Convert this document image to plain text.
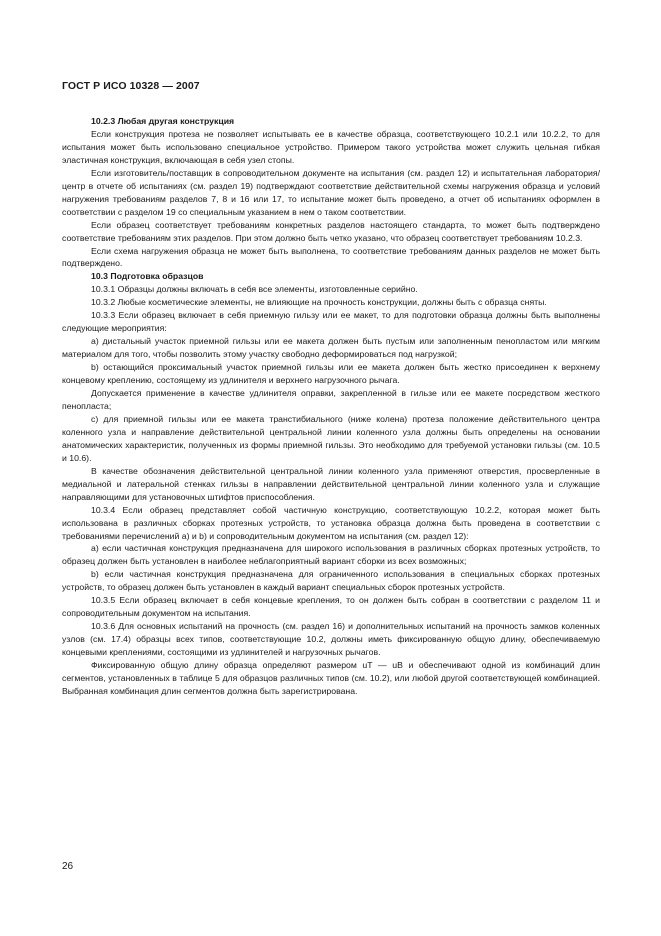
ГОСТ Р ИСО 10328 — 2007

10.2.3 Любая другая конструкция

Если конструкция протеза не позволяет испытывать ее в качестве образца, соответствующего 10.2.1 или 10.2.2, то для испытания может быть использовано специальное устройство. Примером такого устройства может служить цельная гибкая эластичная конструкция, включающая в себя узел стопы.

Если изготовитель/поставщик в сопроводительном документе на испытания (см. раздел 12) и испытательная лаборатория/центр в отчете об испытаниях (см. раздел 19) подтверждают соответствие действительной схемы нагружения образца и условий нагружения требованиям разделов 7, 8 и 16 или 17, то испытание может быть проведено, а отчет об испытаниях оформлен в соответствии с разделом 19 со специальным указанием в нем о таком соответствии.

Если образец соответствует требованиям конкретных разделов настоящего стандарта, то может быть подтверждено соответствие требованиям этих разделов. При этом должно быть четко указано, что образец соответствует требованиям 10.2.3.

Если схема нагружения образца не может быть выполнена, то соответствие требованиям данных разделов не может быть подтверждено.

10.3 Подготовка образцов

10.3.1 Образцы должны включать в себя все элементы, изготовленные серийно.

10.3.2 Любые косметические элементы, не влияющие на прочность конструкции, должны быть с образца сняты.

10.3.3 Если образец включает в себя приемную гильзу или ее макет, то для подготовки образца должны быть выполнены следующие мероприятия:

a) дистальный участок приемной гильзы или ее макета должен быть пустым или заполненным пенопластом или мягким материалом для того, чтобы позволить этому участку свободно деформироваться под нагрузкой;

b) остающийся проксимальный участок приемной гильзы или ее макета должен быть жестко присоединен к верхнему концевому креплению, состоящему из удлинителя и верхнего нагрузочного рычага.

Допускается применение в качестве удлинителя оправки, закрепленной в гильзе или ее макете посредством жесткого пенопласта;

c) для приемной гильзы или ее макета транстибиального (ниже колена) протеза положение действительного центра коленного узла и направление действительной центральной линии коленного узла должны быть определены на основании анатомических характеристик, полученных из формы приемной гильзы. Это необходимо для требуемой установки гильзы (см. 10.5 и 10.6).

В качестве обозначения действительной центральной линии коленного узла применяют отверстия, просверленные в медиальной и латеральной стенках гильзы в направлении действительной центральной линии коленного узла и служащие направляющими для установочных штифтов приспособления.

10.3.4 Если образец представляет собой частичную конструкцию, соответствующую 10.2.2, которая может быть использована в различных сборках протезных устройств, то установка образца должна быть проведена в соответствии с требованиями перечислений a) и b) и сопроводительным документом на испытания (см. раздел 12):

a) если частичная конструкция предназначена для широкого использования в различных сборках протезных устройств, то образец должен быть установлен в наиболее неблагоприятный вариант сборки из всех возможных;

b) если частичная конструкция предназначена для ограниченного использования в специальных сборках протезных устройств, то образец должен быть установлен в каждый вариант специальных сборок протезных устройств.

10.3.5 Если образец включает в себя концевые крепления, то он должен быть собран в соответствии с разделом 11 и сопроводительным документом на испытания.

10.3.6 Для основных испытаний на прочность (см. раздел 16) и дополнительных испытаний на прочность замков коленных узлов (см. 17.4) образцы всех типов, соответствующие 10.2, должны иметь фиксированную общую длину, обеспечиваемую концевыми креплениями, состоящими из удлинителей и нагрузочных рычагов.

Фиксированную общую длину образца определяют размером uT — uB и обеспечивают одной из комбинаций длин сегментов, установленных в таблице 5 для образцов различных типов (см. 10.2), или любой другой соответствующей комбинацией. Выбранная комбинация длин сегментов должна быть зарегистрирована.

26
